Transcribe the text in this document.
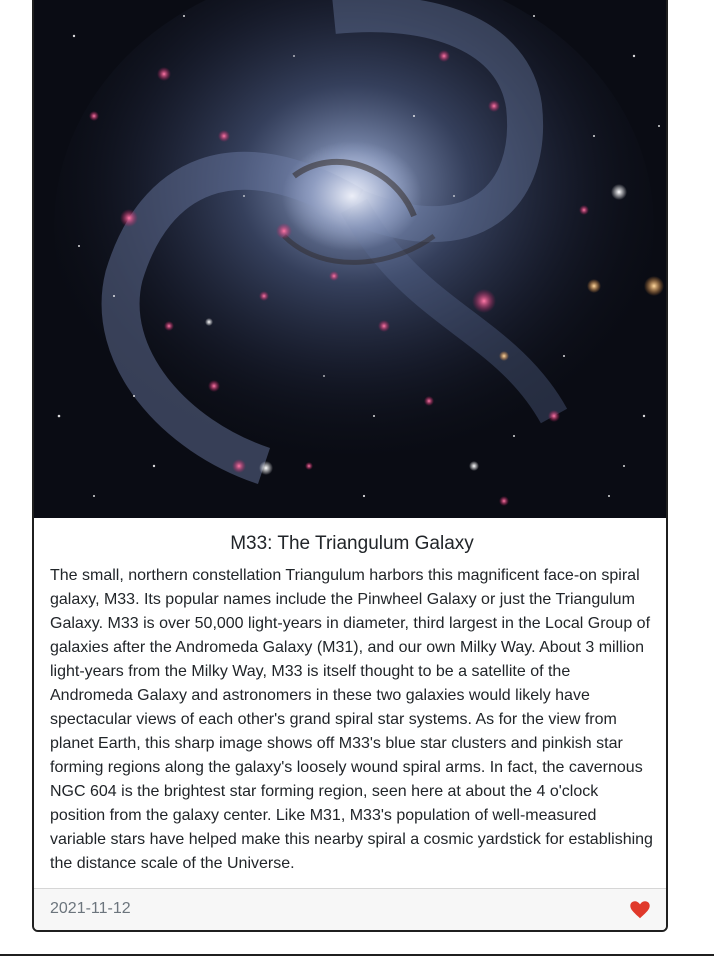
M33: The Triangulum Galaxy

The small, northern constellation Triangulum harbors this magnificent face-on spiral galaxy, M33. Its popular names include the Pinwheel Galaxy or just the Triangulum Galaxy. M33 is over 50,000 light-years in diameter, third largest in the Local Group of galaxies after the Andromeda Galaxy (M31), and our own Milky Way. About 3 million light-years from the Milky Way, M33 is itself thought to be a satellite of the Andromeda Galaxy and astronomers in these two galaxies would likely have spectacular views of each other's grand spiral star systems. As for the view from planet Earth, this sharp image shows off M33's blue star clusters and pinkish star forming regions along the galaxy's loosely wound spiral arms. In fact, the cavernous NGC 604 is the brightest star forming region, seen here at about the 4 o'clock position from the galaxy center. Like M31, M33's population of well-measured variable stars have helped make this nearby spiral a cosmic yardstick for establishing the distance scale of the Universe.

2021-11-12
